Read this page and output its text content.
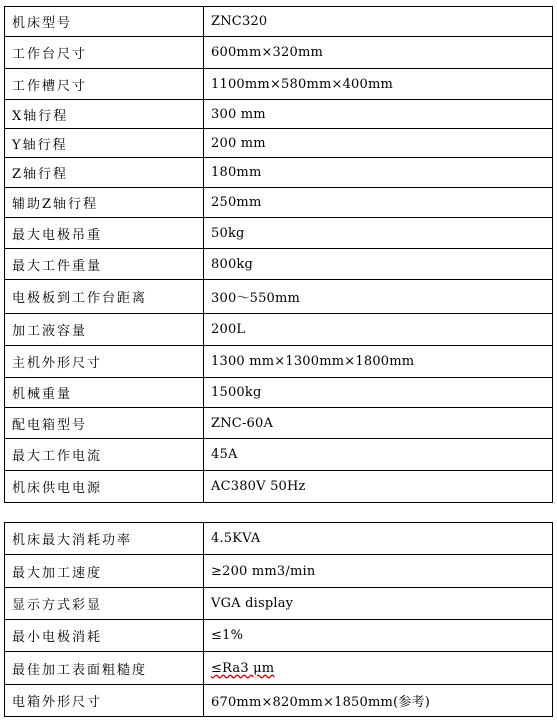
机床型号	ZNC320
工作台尺寸	600mm×320mm
工作槽尺寸	1100mm×580mm×400mm
X轴行程	300 mm
Y轴行程	200 mm
Z轴行程	180mm
辅助Z轴行程	250mm
最大电极吊重	50kg
最大工件重量	800kg
电极板到工作台距离	300～550mm
加工液容量	200L
主机外形尺寸	1300 mm×1300mm×1800mm
机械重量	1500kg
配电箱型号	ZNC-60A
最大工作电流	45A
机床供电电源	AC380V 50Hz
机床最大消耗功率	4.5KVA
最大加工速度	≥200 mm3/min
显示方式彩显	VGA display
最小电极消耗	≤1%
最佳加工表面粗糙度	≤Ra3 μm
电箱外形尺寸	670mm×820mm×1850mm(参考)
